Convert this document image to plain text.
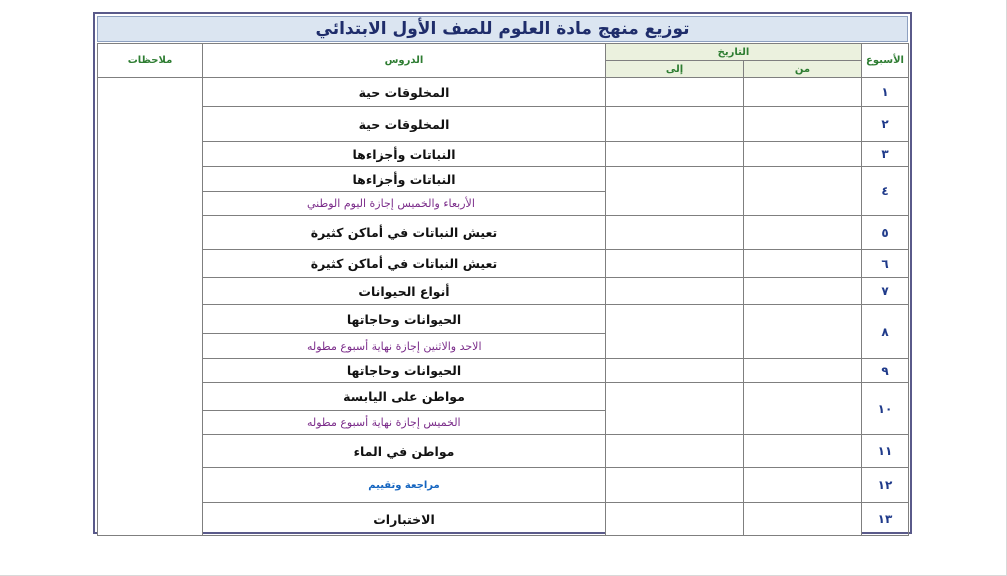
توزيع منهج مادة العلوم للصف الأول الابتدائي
الأسبوع	التاريخ		الدروس	ملاحظات
	من	إلى		
١			المخلوقات حية	
٢			المخلوقات حية	
٣			النباتات وأجزاءها	
٤			النباتات وأجزاءها	
			الأربعاء والخميس إجازة اليوم الوطني	
٥			تعيش النباتات في أماكن كثيرة	
٦			تعيش النباتات في أماكن كثيرة	
٧			أنواع الحيوانات	
٨			الحيوانات وحاجاتها	
			الاحد والاثنين إجازة نهاية أسبوع مطوله	
٩			الحيوانات وحاجاتها	
١٠			مواطن على اليابسة	
			الخميس إجازة نهاية أسبوع مطوله	
١١			مواطن في الماء	
١٢			مراجعة وتقييم	
١٣			الاختبارات	
